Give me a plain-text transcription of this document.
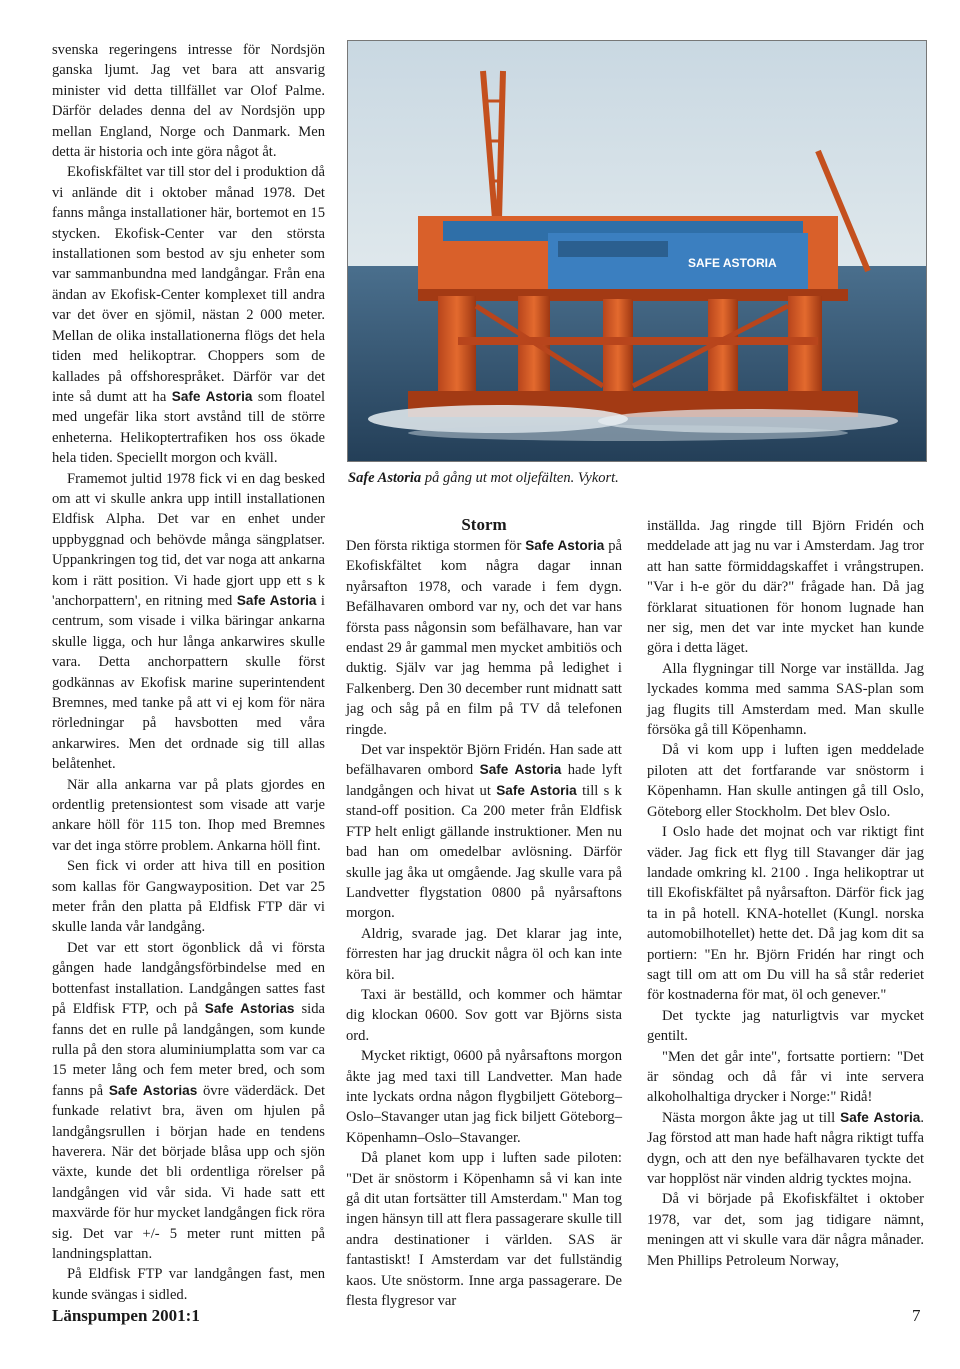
svenska regeringens intresse för Nordsjön ganska ljumt. Jag vet bara att ansvarig minister vid detta tillfället var Olof Palme. Därför delades denna del av Nordsjön upp mellan England, Norge och Danmark. Men detta är historia och inte göra något åt.

Ekofiskfältet var till stor del i produktion då vi anlände dit i oktober månad 1978. Det fanns många installationer här, bortemot en 15 stycken. Ekofisk-Center var den största installationen som bestod av sju enheter som var sammanbundna med landgångar. Från ena ändan av Ekofisk-Center komplexet till andra var det över en sjömil, nästan 2 000 meter. Mellan de olika installationerna flögs det hela tiden med helikoptrar. Choppers som de kallades på offshorespråket. Därför var det inte så dumt att ha Safe Astoria som floatel med ungefär lika stort avstånd till de större enheterna. Helikoptertrafiken hos oss ökade hela tiden. Speciellt morgon och kväll.

Framemot jultid 1978 fick vi en dag besked om att vi skulle ankra upp intill installationen Eldfisk Alpha. Det var en enhet under uppbyggnad och behövde många sängplatser. Uppankringen tog tid, det var noga att ankarna kom i rätt position. Vi hade gjort upp ett s k 'anchorpattern', en ritning med Safe Astoria i centrum, som visade i vilka bäringar ankarna skulle ligga, och hur långa ankarwires skulle vara. Detta anchorpattern skulle först godkännas av Ekofisk marine superintendent Bremnes, med tanke på att vi ej kom för nära rörledningar på havsbotten med våra ankarwires. Men det ordnade sig till allas belåtenhet.

När alla ankarna var på plats gjordes en ordentlig pretensiontest som visade att varje ankare höll för 115 ton. Ihop med Bremnes var det inga större problem. Ankarna höll fint.

Sen fick vi order att hiva till en position som kallas för Gangwayposition. Det var 25 meter från den platta på Eldfisk FTP där vi skulle landa vår landgång.

Det var ett stort ögonblick då vi första gången hade landgångsförbindelse med en bottenfast installation. Landgången sattes fast på Eldfisk FTP, och på Safe Astorias sida fanns det en rulle på landgången, som kunde rulla på den stora aluminiumplatta som var ca 15 meter lång och fem meter bred, och som fanns på Safe Astorias övre väderdäck. Det funkade relativt bra, även om hjulen på landgångsrullen i början hade en tendens haverera. När det började blåsa upp och sjön växte, kunde det bli ordentliga rörelser på landgången vid vår sida. Vi hade satt ett maxvärde för hur mycket landgången fick röra sig. Det var +/- 5 meter runt mitten på landningsplattan.

På Eldfisk FTP var landgången fast, men kunde svängas i sidled.

SAFE ASTORIA
Safe Astoria på gång ut mot oljefälten. Vykort.
Storm

Den första riktiga stormen för Safe Astoria på Ekofiskfältet kom några dagar innan nyårsafton 1978, och varade i fem dygn. Befälhavaren ombord var ny, och det var hans första pass någonsin som befälhavare, han var endast 29 år gammal men mycket ambitiös och duktig. Själv var jag hemma på ledighet i Falkenberg. Den 30 december runt midnatt satt jag och såg på en film på TV då telefonen ringde.

Det var inspektör Björn Fridén. Han sade att befälhavaren ombord Safe Astoria hade lyft landgången och hivat ut Safe Astoria till s k stand-off position. Ca 200 meter från Eldfisk FTP helt enligt gällande instruktioner. Men nu bad han om omedelbar avlösning. Därför skulle jag åka ut omgående. Jag skulle vara på Landvetter flygstation 0800 på nyårsaftons morgon.

Aldrig, svarade jag. Det klarar jag inte, förresten har jag druckit några öl och kan inte köra bil.

Taxi är beställd, och kommer och hämtar dig klockan 0600. Sov gott var Björns sista ord.

Mycket riktigt, 0600 på nyårsaftons morgon åkte jag med taxi till Landvetter. Man hade inte lyckats ordna någon flygbiljett Göteborg–Oslo–Stavanger utan jag fick biljett Göteborg–Köpenhamn–Oslo–Stavanger.

Då planet kom upp i luften sade piloten: "Det är snöstorm i Köpenhamn så vi kan inte gå dit utan fortsätter till Amsterdam." Man tog ingen hänsyn till att flera passagerare skulle till andra destinationer i världen. SAS är fantastiskt! I Amsterdam var det fullständig kaos. Ute snöstorm. Inne arga passagerare. De flesta flygresor var

inställda. Jag ringde till Björn Fridén och meddelade att jag nu var i Amsterdam. Jag tror att han satte förmiddagskaffet i vrångstrupen. "Var i h-e gör du där?" frågade han. Då jag förklarat situationen för honom lugnade han ner sig, men det var inte mycket han kunde göra i detta läget.

Alla flygningar till Norge var inställda. Jag lyckades komma med samma SAS-plan som jag flugits till Amsterdam med. Man skulle försöka gå till Köpenhamn.

Då vi kom upp i luften igen meddelade piloten att det fortfarande var snöstorm i Köpenhamn. Han skulle antingen gå till Oslo, Göteborg eller Stockholm. Det blev Oslo.

I Oslo hade det mojnat och var riktigt fint väder. Jag fick ett flyg till Stavanger där jag landade omkring kl. 2100 . Inga helikoptrar ut till Ekofiskfältet på nyårsafton. Därför fick jag ta in på hotell. KNA-hotellet (Kungl. norska automobilhotellet) hette det. Då jag kom dit sa portiern: "En hr. Björn Fridén har ringt och sagt till om att om Du vill ha så står rederiet för kostnaderna för mat, öl och genever."

Det tyckte jag naturligtvis var mycket gentilt.

"Men det går inte", fortsatte portiern: "Det är söndag och då får vi inte servera alkoholhaltiga drycker i Norge:" Ridå!

Nästa morgon åkte jag ut till Safe Astoria. Jag förstod att man hade haft några riktigt tuffa dygn, och att den nye befälhavaren tyckte det var hopplöst när vinden aldrig tycktes mojna.

Då vi började på Ekofiskfältet i oktober 1978, var det, som jag tidigare nämnt, meningen att vi skulle vara där några månader. Men Phillips Petroleum Norway,

Länspumpen 2001:1	7
